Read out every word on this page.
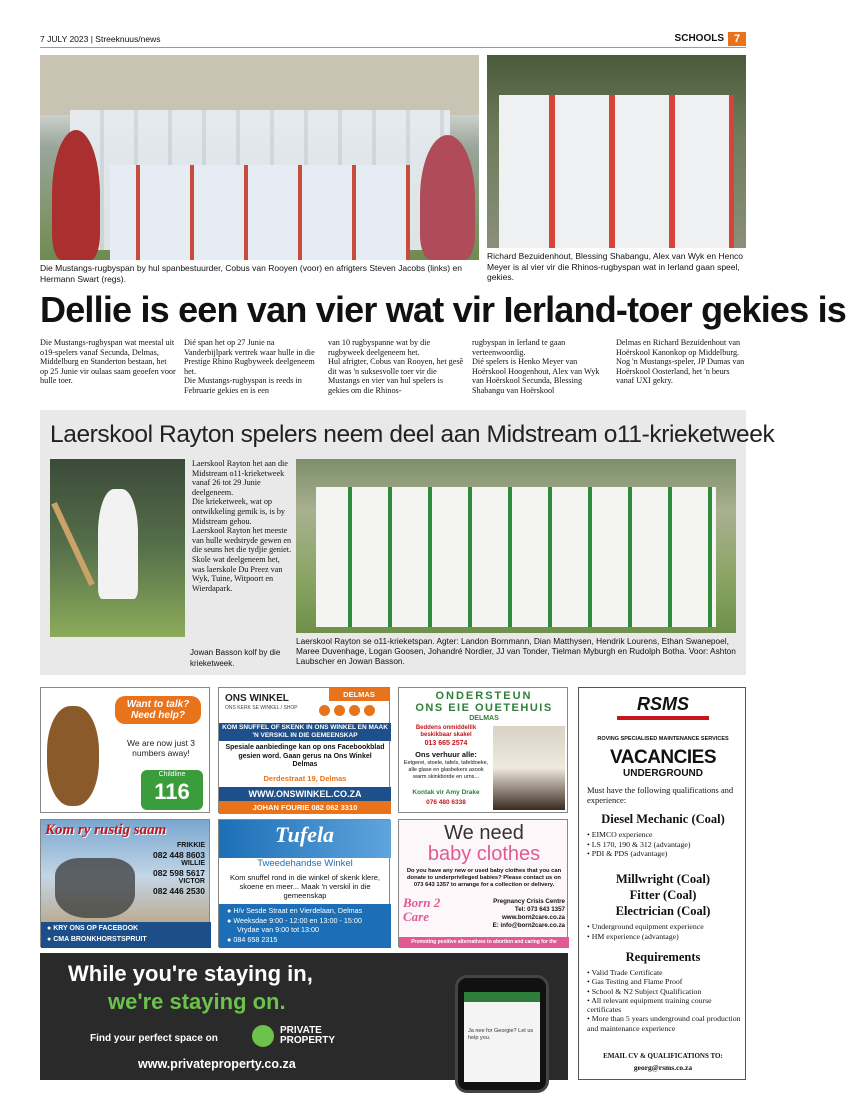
7 JULY 2023 | Streeknuus/news	SCHOOLS 7
Die Mustangs-rugbyspan by hul spanbestuurder, Cobus van Rooyen (voor) en afrigters Steven Jacobs (links) en Hermann Swart (regs).
Richard Bezuidenhout, Blessing Shabangu, Alex van Wyk en Henco Meyer is al vier vir die Rhinos-rugbyspan wat in Ierland gaan speel, gekies.
Dellie is een van vier wat vir Ierland-toer gekies is
Die Mustangs-rugbyspan wat meestal uit o19-spelers vanaf Secunda, Delmas, Middelburg en Standerton bestaan, het op 25 Junie vir oulaas saam geoefen voor hulle toer.
Dié span het op 27 Junie na Vanderbijlpark vertrek waar hulle in die Prestige Rhino Rugbyweek deelgeneem het.
Die Mustangs-rugbyspan is reeds in Februarie gekies en is een
van 10 rugbyspanne wat by die rugbyweek deelgeneem het.
Hul afrigter, Cobus van Rooyen, het gesê dit was 'n suksesvolle toer vir die Mustangs en vier van hul spelers is gekies om die Rhinos-
rugbyspan in Ierland te gaan verteenwoordig.
Dié spelers is Henko Meyer van Hoërskool Hoogenhout, Alex van Wyk van Hoërskool Secunda, Blessing Shabangu van Hoërskool
Delmas en Richard Bezuidenhout van Hoërskool Kanonkop op Middelburg.
Nog 'n Mustangs-speler, JP Dumas van Hoërskool Oosterland, het 'n beurs vanaf UXI gekry.
Laerskool Rayton spelers neem deel aan Midstream o11-krieketweek
Jowan Basson kolf by die krieketweek.
Laerskool Rayton het aan die Midstream o11-krieketweek vanaf 26 tot 29 Junie deelgeneem.
Die krieketweek, wat op ontwikkeling gemik is, is by Midstream gehou.
Laerskool Rayton het meeste van hulle wedstryde gewen en die seuns het die tydjie geniet.
Skole wat deelgeneem het, was laerskole Du Preez van Wyk, Tuine, Witpoort en Wierdapark.
Laerskool Rayton se o11-krieketspan. Agter: Landon Bornmann, Dian Matthysen, Hendrik Lourens, Ethan Swanepoel, Maree Duvenhage, Logan Goosen, Johandré Nordier, JJ van Tonder, Tielman Myburgh en Rudolph Botha. Voor: Ashton Laubscher en Jowan Basson.
Want to talk? Need help?
We are now just 3 numbers away!
Childline
116
ONS WINKEL
ONS KERK SE WINKEL / SHOP
DELMAS
KOM SNUFFEL OF SKENK IN ONS WINKEL EN MAAK 'N VERSKIL IN DIE GEMEENSKAP
Spesiale aanbiedinge kan op ons Facebookblad gesien word. Gaan gerus na Ons Winkel Delmas
Derdestraat 19, Delmas
WWW.ONSWINKEL.CO.ZA
JOHAN FOURIE 082 062 3310
ONDERSTEUN
ONS EIE OUETEHUIS
DELMAS
Beddens onmiddellik beskikbaar skakel
013 665 2574
Ons verhuur alle:
Eetgerei, stoele, tafels, tafeldoeke, alle glase en glasbekers asook warm skinkborde en urns...
Kontak vir Amy Drake
076 480 6338
RSMS
ROVING SPECIALISED MAINTENANCE SERVICES
VACANCIES
UNDERGROUND
Must have the following qualifications and experience:
Diesel Mechanic (Coal)
• EIMCO experience
• LS 170, 190 & 312 (advantage)
• PDI & PDS (advantage)
Millwright (Coal)
Fitter (Coal)
Electrician (Coal)
• Underground equipment experience
• HM experience (advantage)
Requirements
• Valid Trade Certificate
• Gas Testing and Flame Proof
• School & N2 Subject Qualification
• All relevant equipment training course certificates
• More than 5 years underground coal production and maintenance experience
EMAIL CV & QUALIFICATIONS TO:
georg@rsms.co.za
Kom ry rustig saam
FRIKKIE
082 448 8603
WILLIE
082 598 5617
VICTOR
082 446 2530
● KRY ONS OP FACEBOOK
● CMA BRONKHORSTSPRUIT
Tufela
Tweedehandse Winkel
Kom snuffel rond in die winkel of skenk klere, skoene en meer... Maak 'n verskil in die gemeenskap
● H/v Sesde Straat en Vierdelaan, Delmas
● Weeksdae 9:00 - 12:00 en 13:00 - 15:00
Vrydae van 9:00 tot 13:00
● 084 658 2315
We need
baby clothes
Do you have any new or used baby clothes that you can donate to underprivileged babies? Please contact us on 073 643 1357 to arrange for a collection or delivery.
Born 2 Care
Pregnancy Crisis Centre
Tel: 073 643 1357
www.born2care.co.za
E: info@born2care.co.za
Promoting positive alternatives to abortion and caring for the
While you're staying in,
we're staying on.
Find your perfect space on
PRIVATE
PROPERTY
www.privateproperty.co.za
Ja nee for Georgie? Let us help you.
